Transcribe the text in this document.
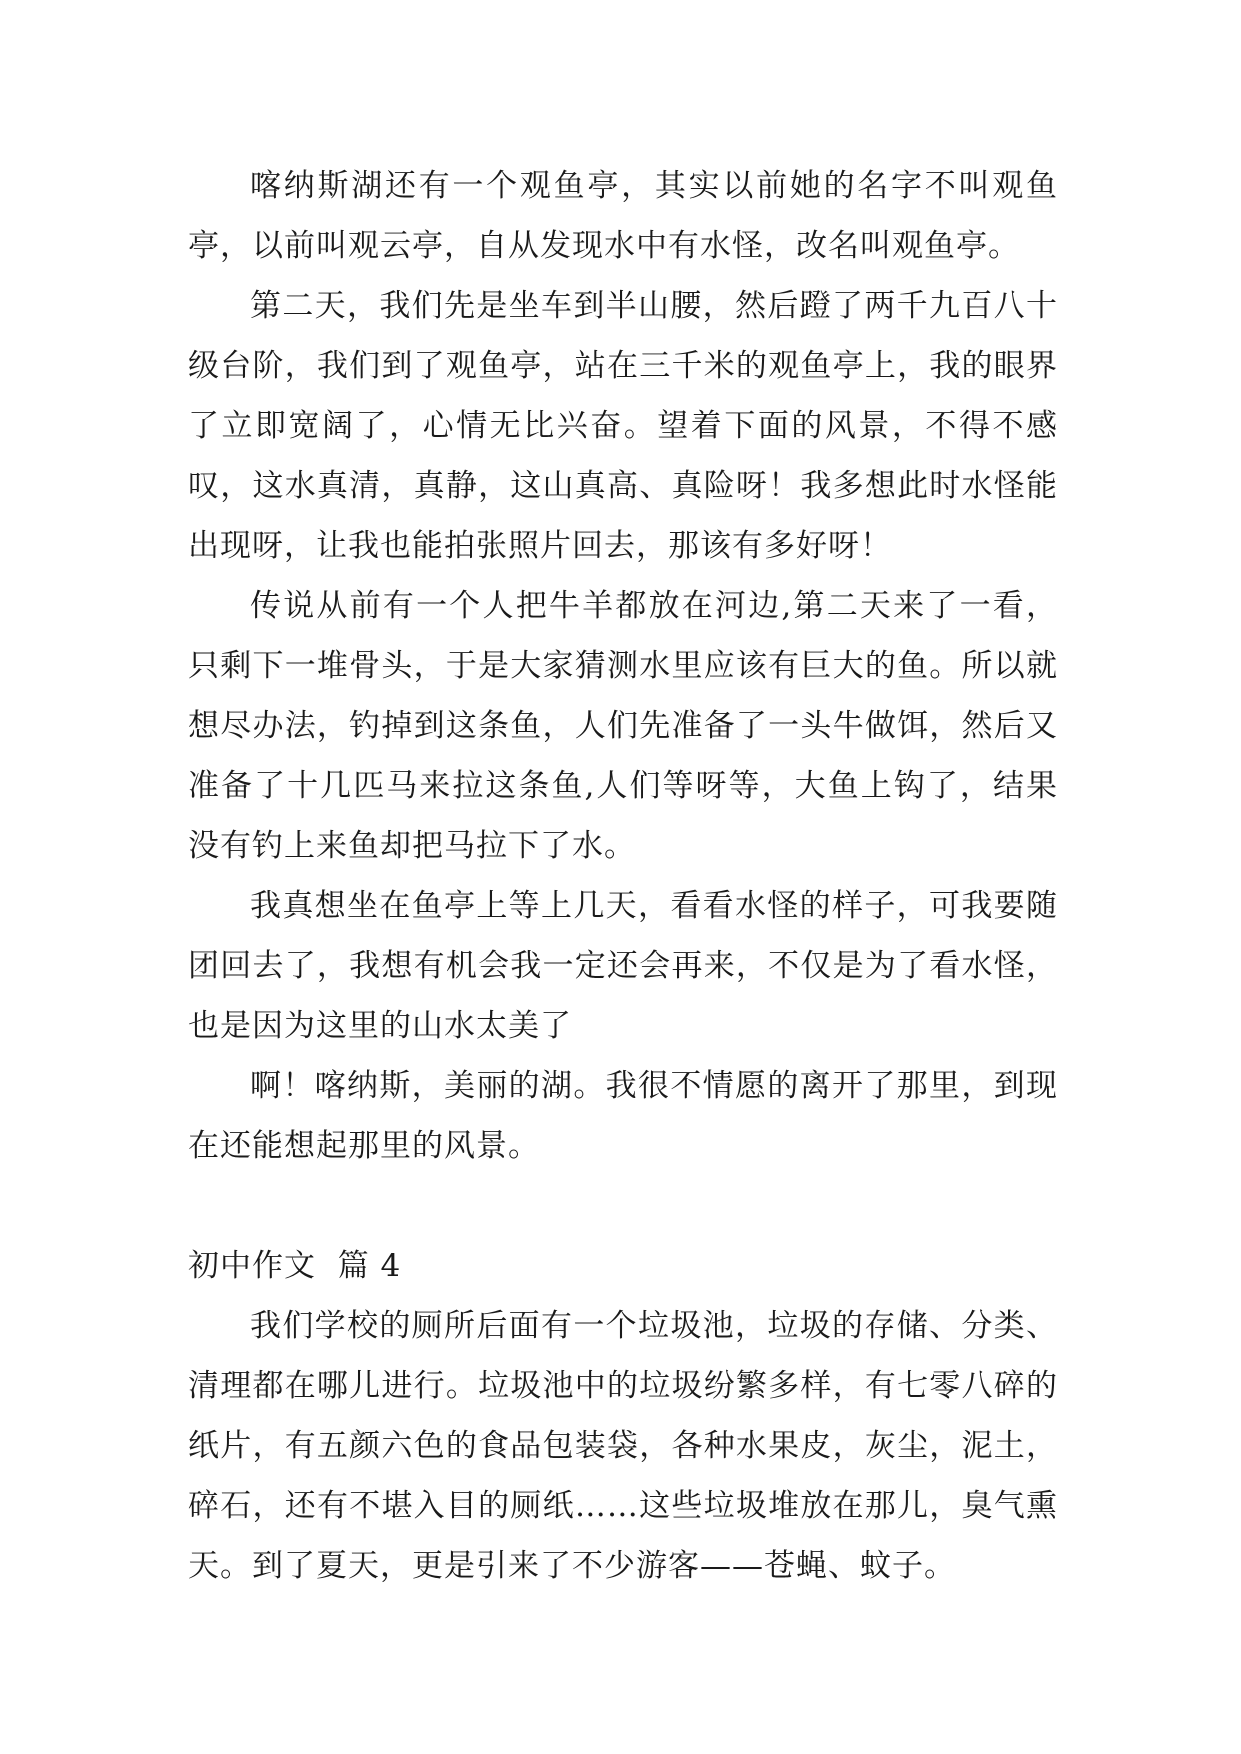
喀纳斯湖还有一个观鱼亭，其实以前她的名字不叫观鱼亭，以前叫观云亭，自从发现水中有水怪，改名叫观鱼亭。

第二天，我们先是坐车到半山腰，然后蹬了两千九百八十级台阶，我们到了观鱼亭，站在三千米的观鱼亭上，我的眼界了立即宽阔了，心情无比兴奋。望着下面的风景，不得不感叹，这水真清，真静，这山真高、真险呀！我多想此时水怪能出现呀，让我也能拍张照片回去，那该有多好呀！

传说从前有一个人把牛羊都放在河边,第二天来了一看，只剩下一堆骨头，于是大家猜测水里应该有巨大的鱼。所以就想尽办法，钓掉到这条鱼，人们先准备了一头牛做饵，然后又准备了十几匹马来拉这条鱼,人们等呀等，大鱼上钩了，结果没有钓上来鱼却把马拉下了水。

我真想坐在鱼亭上等上几天，看看水怪的样子，可我要随团回去了，我想有机会我一定还会再来，不仅是为了看水怪，也是因为这里的山水太美了

啊！喀纳斯，美丽的湖。我很不情愿的离开了那里，到现在还能想起那里的风景。

初中作文  篇 4

我们学校的厕所后面有一个垃圾池，垃圾的存储、分类、清理都在哪儿进行。垃圾池中的垃圾纷繁多样，有七零八碎的纸片，有五颜六色的食品包装袋，各种水果皮，灰尘，泥土，碎石，还有不堪入目的厕纸……这些垃圾堆放在那儿，臭气熏天。到了夏天，更是引来了不少游客——苍蝇、蚊子。
